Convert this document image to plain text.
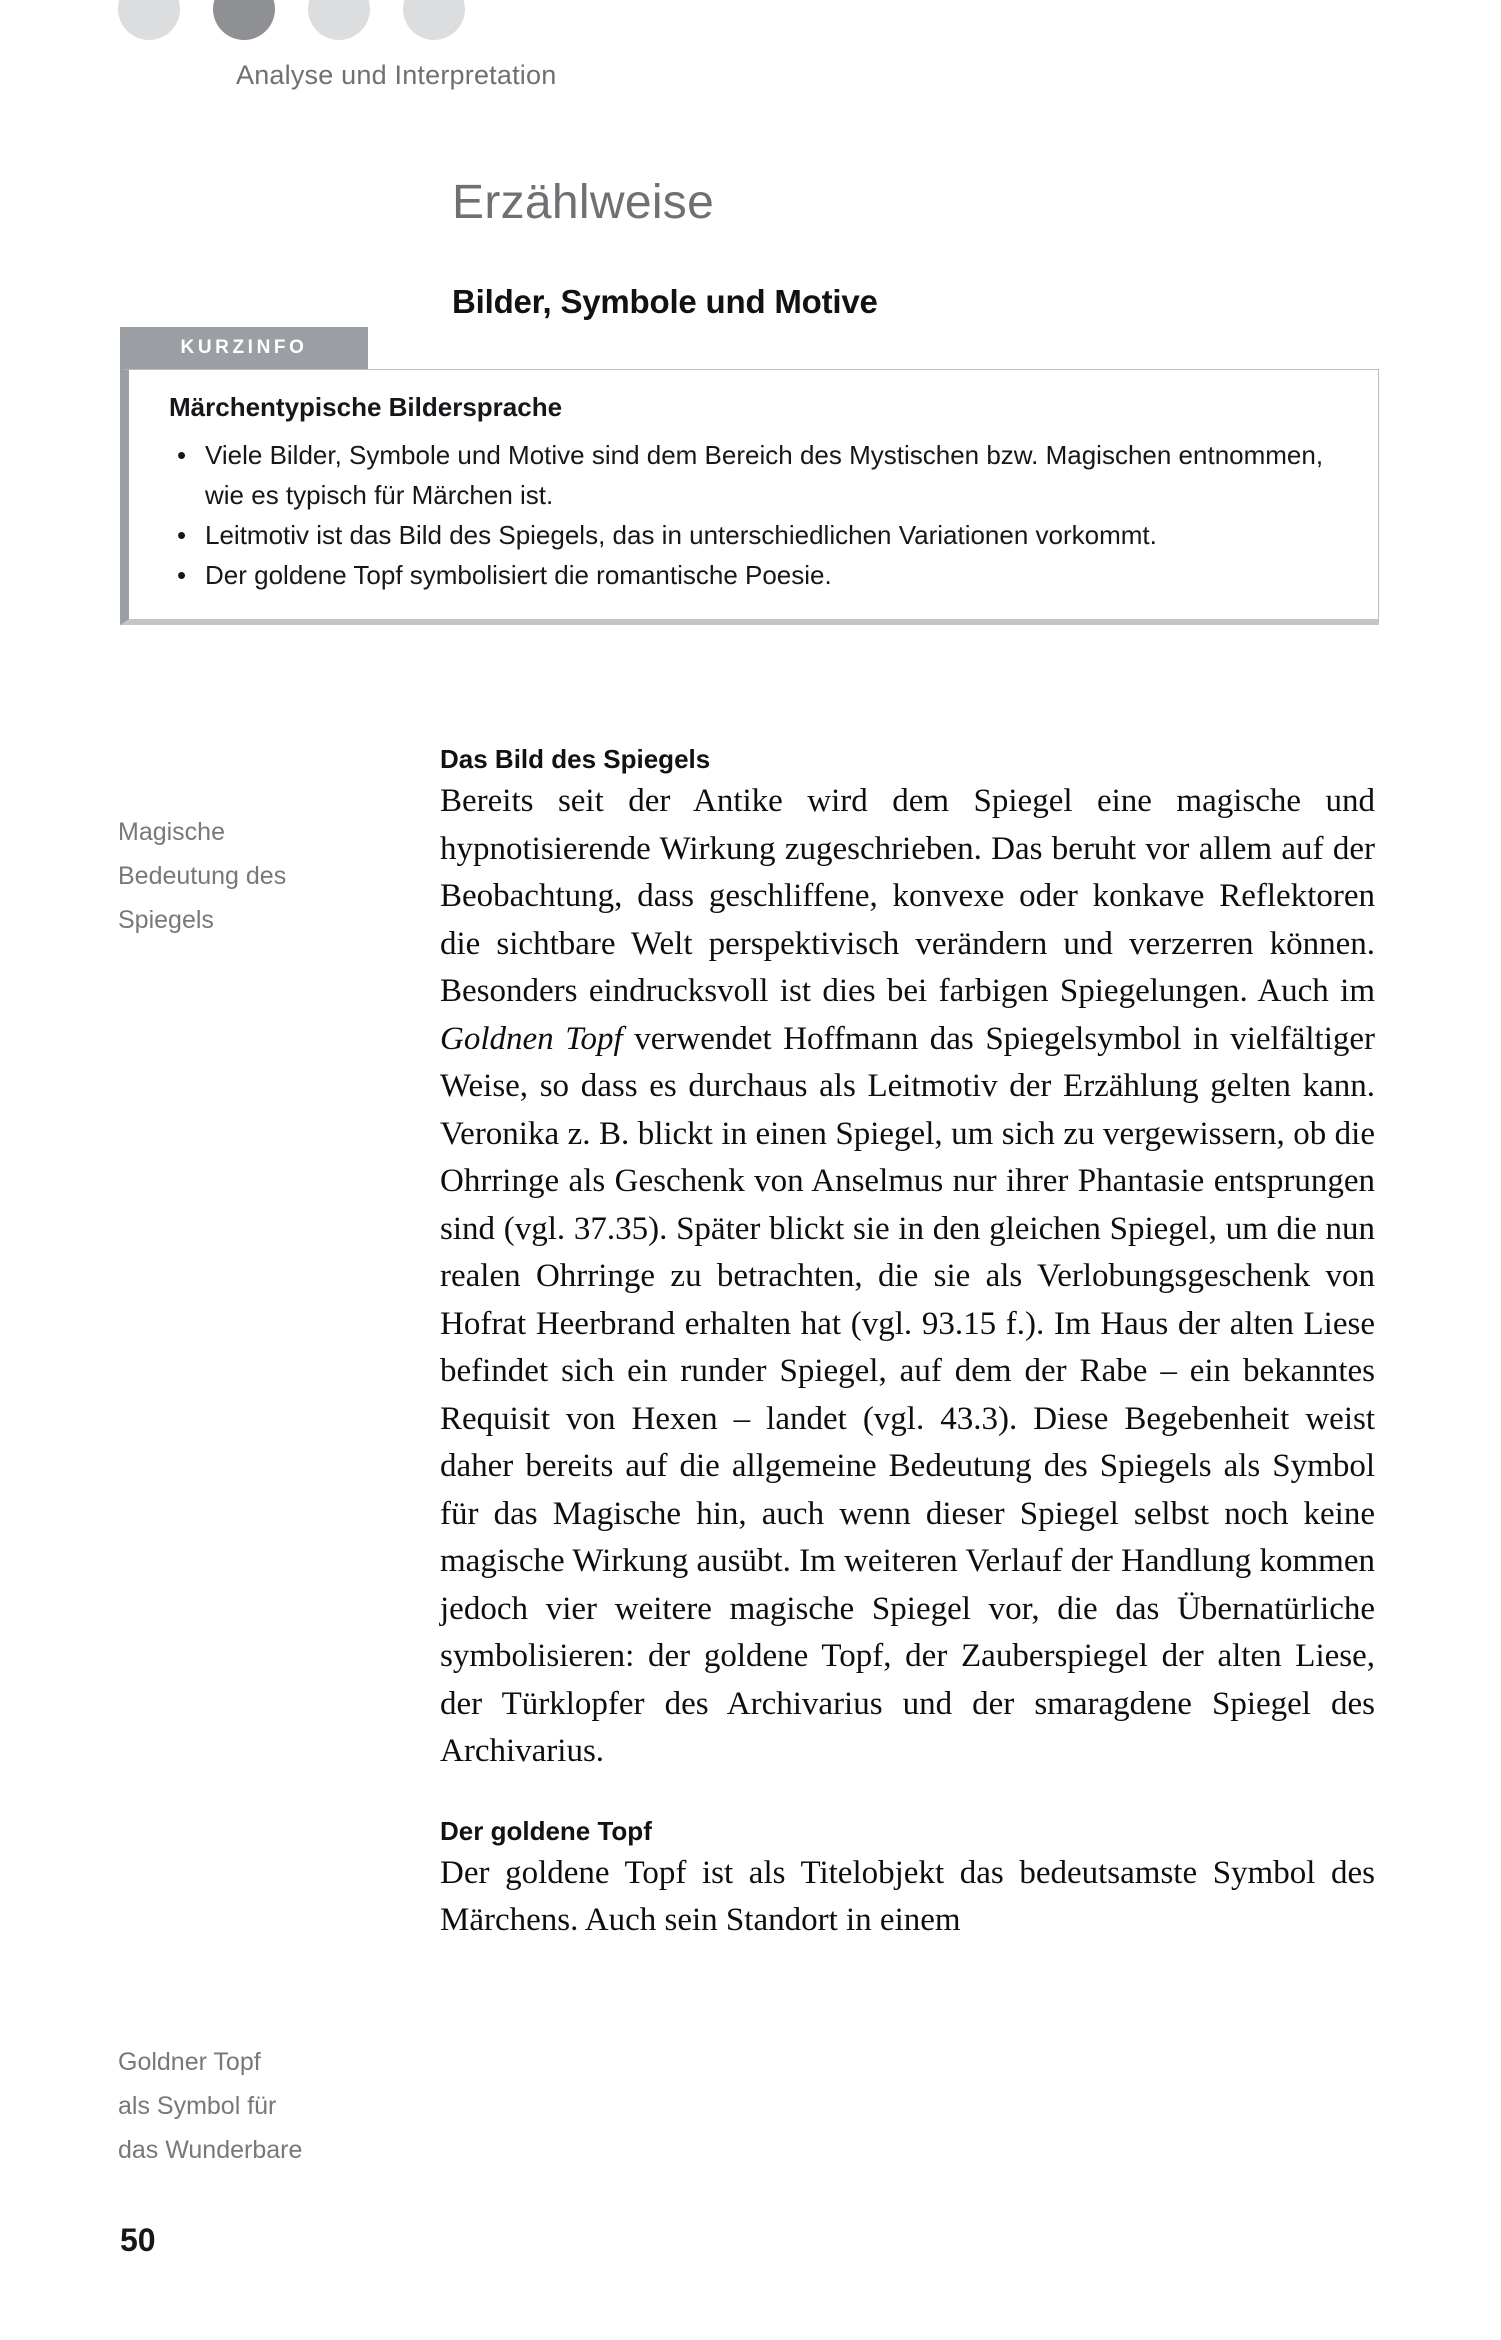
Analyse und Interpretation
Erzählweise
Bilder, Symbole und Motive
KURZINFO
Märchentypische Bildersprache
• Viele Bilder, Symbole und Motive sind dem Bereich des Mystischen bzw. Magischen entnommen, wie es typisch für Märchen ist.
• Leitmotiv ist das Bild des Spiegels, das in unterschiedlichen Variationen vorkommt.
• Der goldene Topf symbolisiert die romantische Poesie.
Magische
Bedeutung des
Spiegels
Goldner Topf
als Symbol für
das Wunderbare
Das Bild des Spiegels

Bereits seit der Antike wird dem Spiegel eine magische und hypnotisierende Wirkung zugeschrieben. Das beruht vor allem auf der Beobachtung, dass geschliffene, konvexe oder konkave Reflektoren die sichtbare Welt perspektivisch verändern und verzerren können. Besonders eindrucksvoll ist dies bei farbigen Spiegelungen. Auch im Goldnen Topf verwendet Hoffmann das Spiegelsymbol in vielfältiger Weise, so dass es durchaus als Leitmotiv der Erzählung gelten kann. Veronika z. B. blickt in einen Spiegel, um sich zu vergewissern, ob die Ohrringe als Geschenk von Anselmus nur ihrer Phantasie entsprungen sind (vgl. 37.35). Später blickt sie in den gleichen Spiegel, um die nun realen Ohrringe zu betrachten, die sie als Verlobungsgeschenk von Hofrat Heerbrand erhalten hat (vgl. 93.15 f.). Im Haus der alten Liese befindet sich ein runder Spiegel, auf dem der Rabe – ein bekanntes Requisit von Hexen – landet (vgl. 43.3). Diese Begebenheit weist daher bereits auf die allgemeine Bedeutung des Spiegels als Symbol für das Magische hin, auch wenn dieser Spiegel selbst noch keine magische Wirkung ausübt. Im weiteren Verlauf der Handlung kommen jedoch vier weitere magische Spiegel vor, die das Übernatürliche symbolisieren: der goldene Topf, der Zauberspiegel der alten Liese, der Türklopfer des Archivarius und der smaragdene Spiegel des Archivarius.

Der goldene Topf

Der goldene Topf ist als Titelobjekt das bedeutsamste Symbol des Märchens. Auch sein Standort in einem

50
